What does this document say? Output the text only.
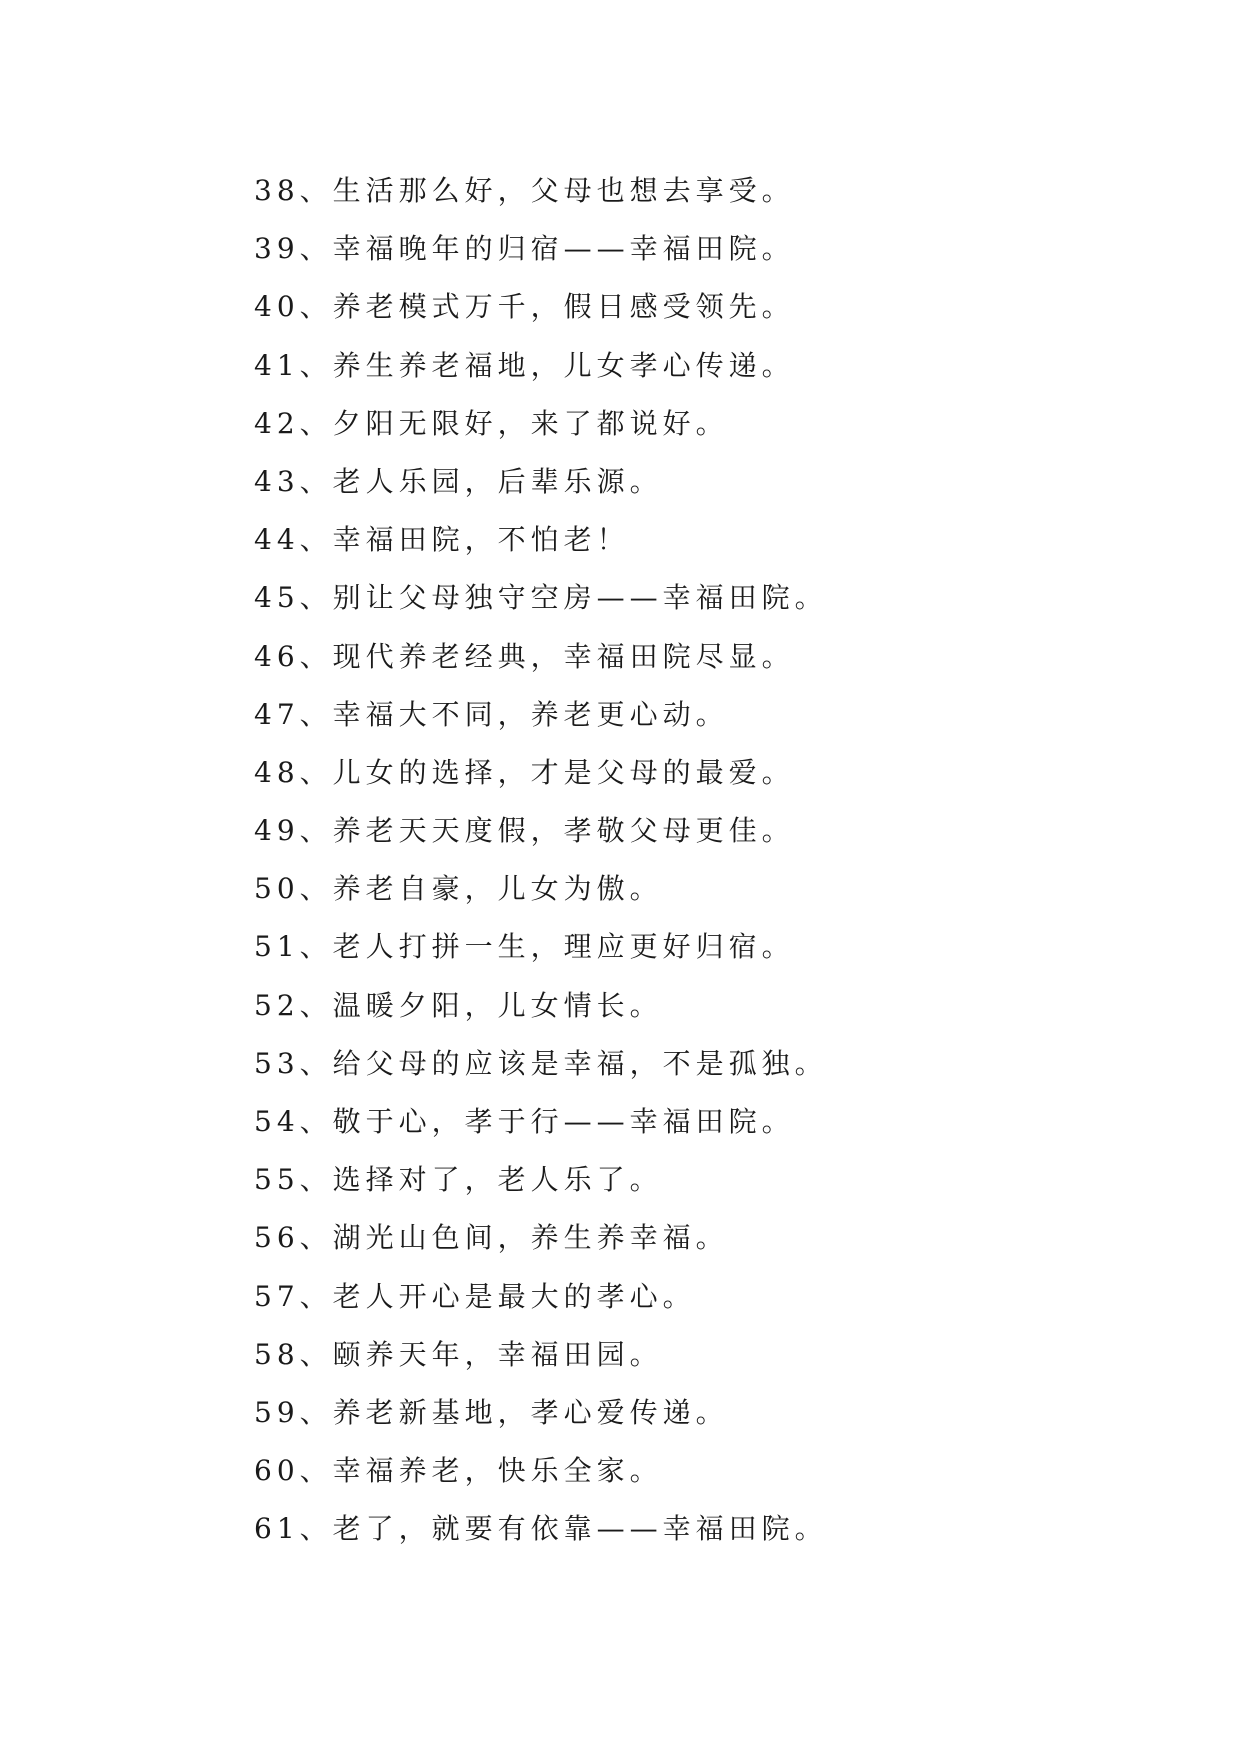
38、生活那么好，父母也想去享受。
39、幸福晚年的归宿——幸福田院。
40、养老模式万千，假日感受领先。
41、养生养老福地，儿女孝心传递。
42、夕阳无限好，来了都说好。
43、老人乐园，后辈乐源。
44、幸福田院，不怕老！
45、别让父母独守空房——幸福田院。
46、现代养老经典，幸福田院尽显。
47、幸福大不同，养老更心动。
48、儿女的选择，才是父母的最爱。
49、养老天天度假，孝敬父母更佳。
50、养老自豪，儿女为傲。
51、老人打拼一生，理应更好归宿。
52、温暖夕阳，儿女情长。
53、给父母的应该是幸福，不是孤独。
54、敬于心，孝于行——幸福田院。
55、选择对了，老人乐了。
56、湖光山色间，养生养幸福。
57、老人开心是最大的孝心。
58、颐养天年，幸福田园。
59、养老新基地，孝心爱传递。
60、幸福养老，快乐全家。
61、老了，就要有依靠——幸福田院。
